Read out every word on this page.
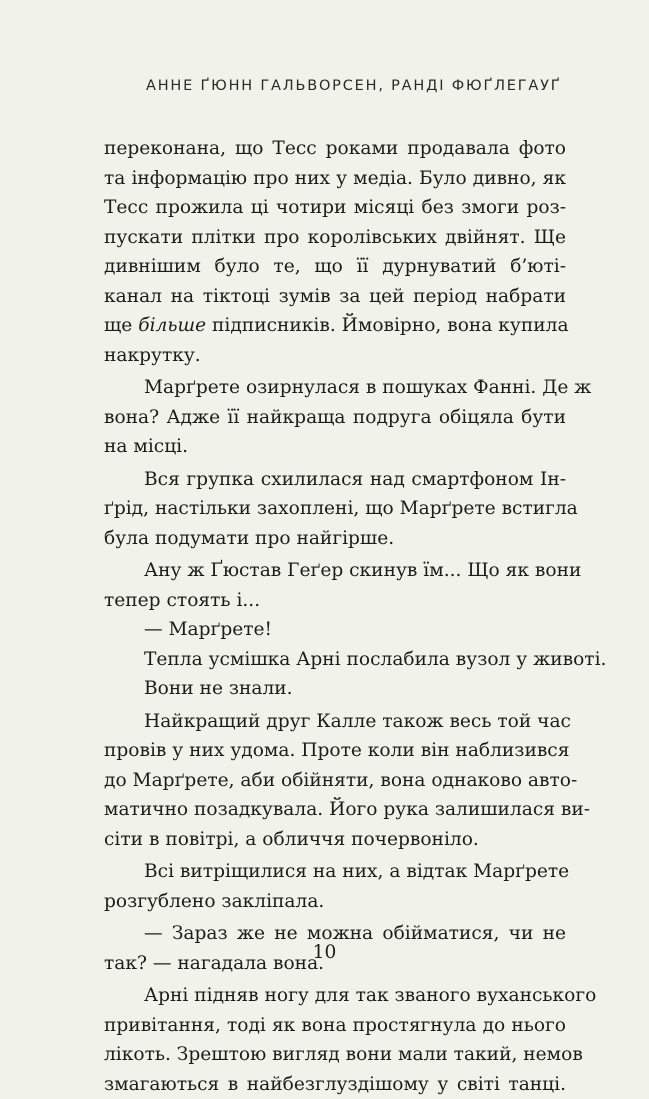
АННЕ ҐЮНН ГАЛЬВОРСЕН, РАНДІ ФЮҐЛЕГАУҐ
переконана, що Тесс роками продавала фото
та інформацію про них у медіа. Було дивно, як
Тесс прожила ці чотири місяці без змоги роз-
пускати плітки про королівських двійнят. Ще
дивнішим було те, що її дурнуватий б’юті-
канал на тіктоці зумів за цей період набрати
ще більше підписників. Ймовірно, вона купила
накрутку.
Марґрете озирнулася в пошуках Фанні. Де ж
вона? Адже її найкраща подруга обіцяла бути
на місці.
Вся групка схилилася над смартфоном Ін-
ґрід, настільки захоплені, що Марґрете встигла
була подумати про найгірше.
Ану ж Ґюстав Геґер скинув їм... Що як вони
тепер стоять і...
— Марґрете!
Тепла усмішка Арні послабила вузол у животі.
Вони не знали.
Найкращий друг Калле також весь той час
провів у них удома. Проте коли він наблизився
до Марґрете, аби обійняти, вона однаково авто-
матично позадкувала. Його рука залишилася ви-
сіти в повітрі, а обличчя почервоніло.
Всі витріщилися на них, а відтак Марґрете
розгублено закліпала.
— Зараз же не можна обійматися, чи не
так? — нагадала вона.
Арні підняв ногу для так званого вуханського
привітання, тоді як вона простягнула до нього
лікоть. Зрештою вигляд вони мали такий, немов
змагаються в найбезглуздішому у світі танці.
10
